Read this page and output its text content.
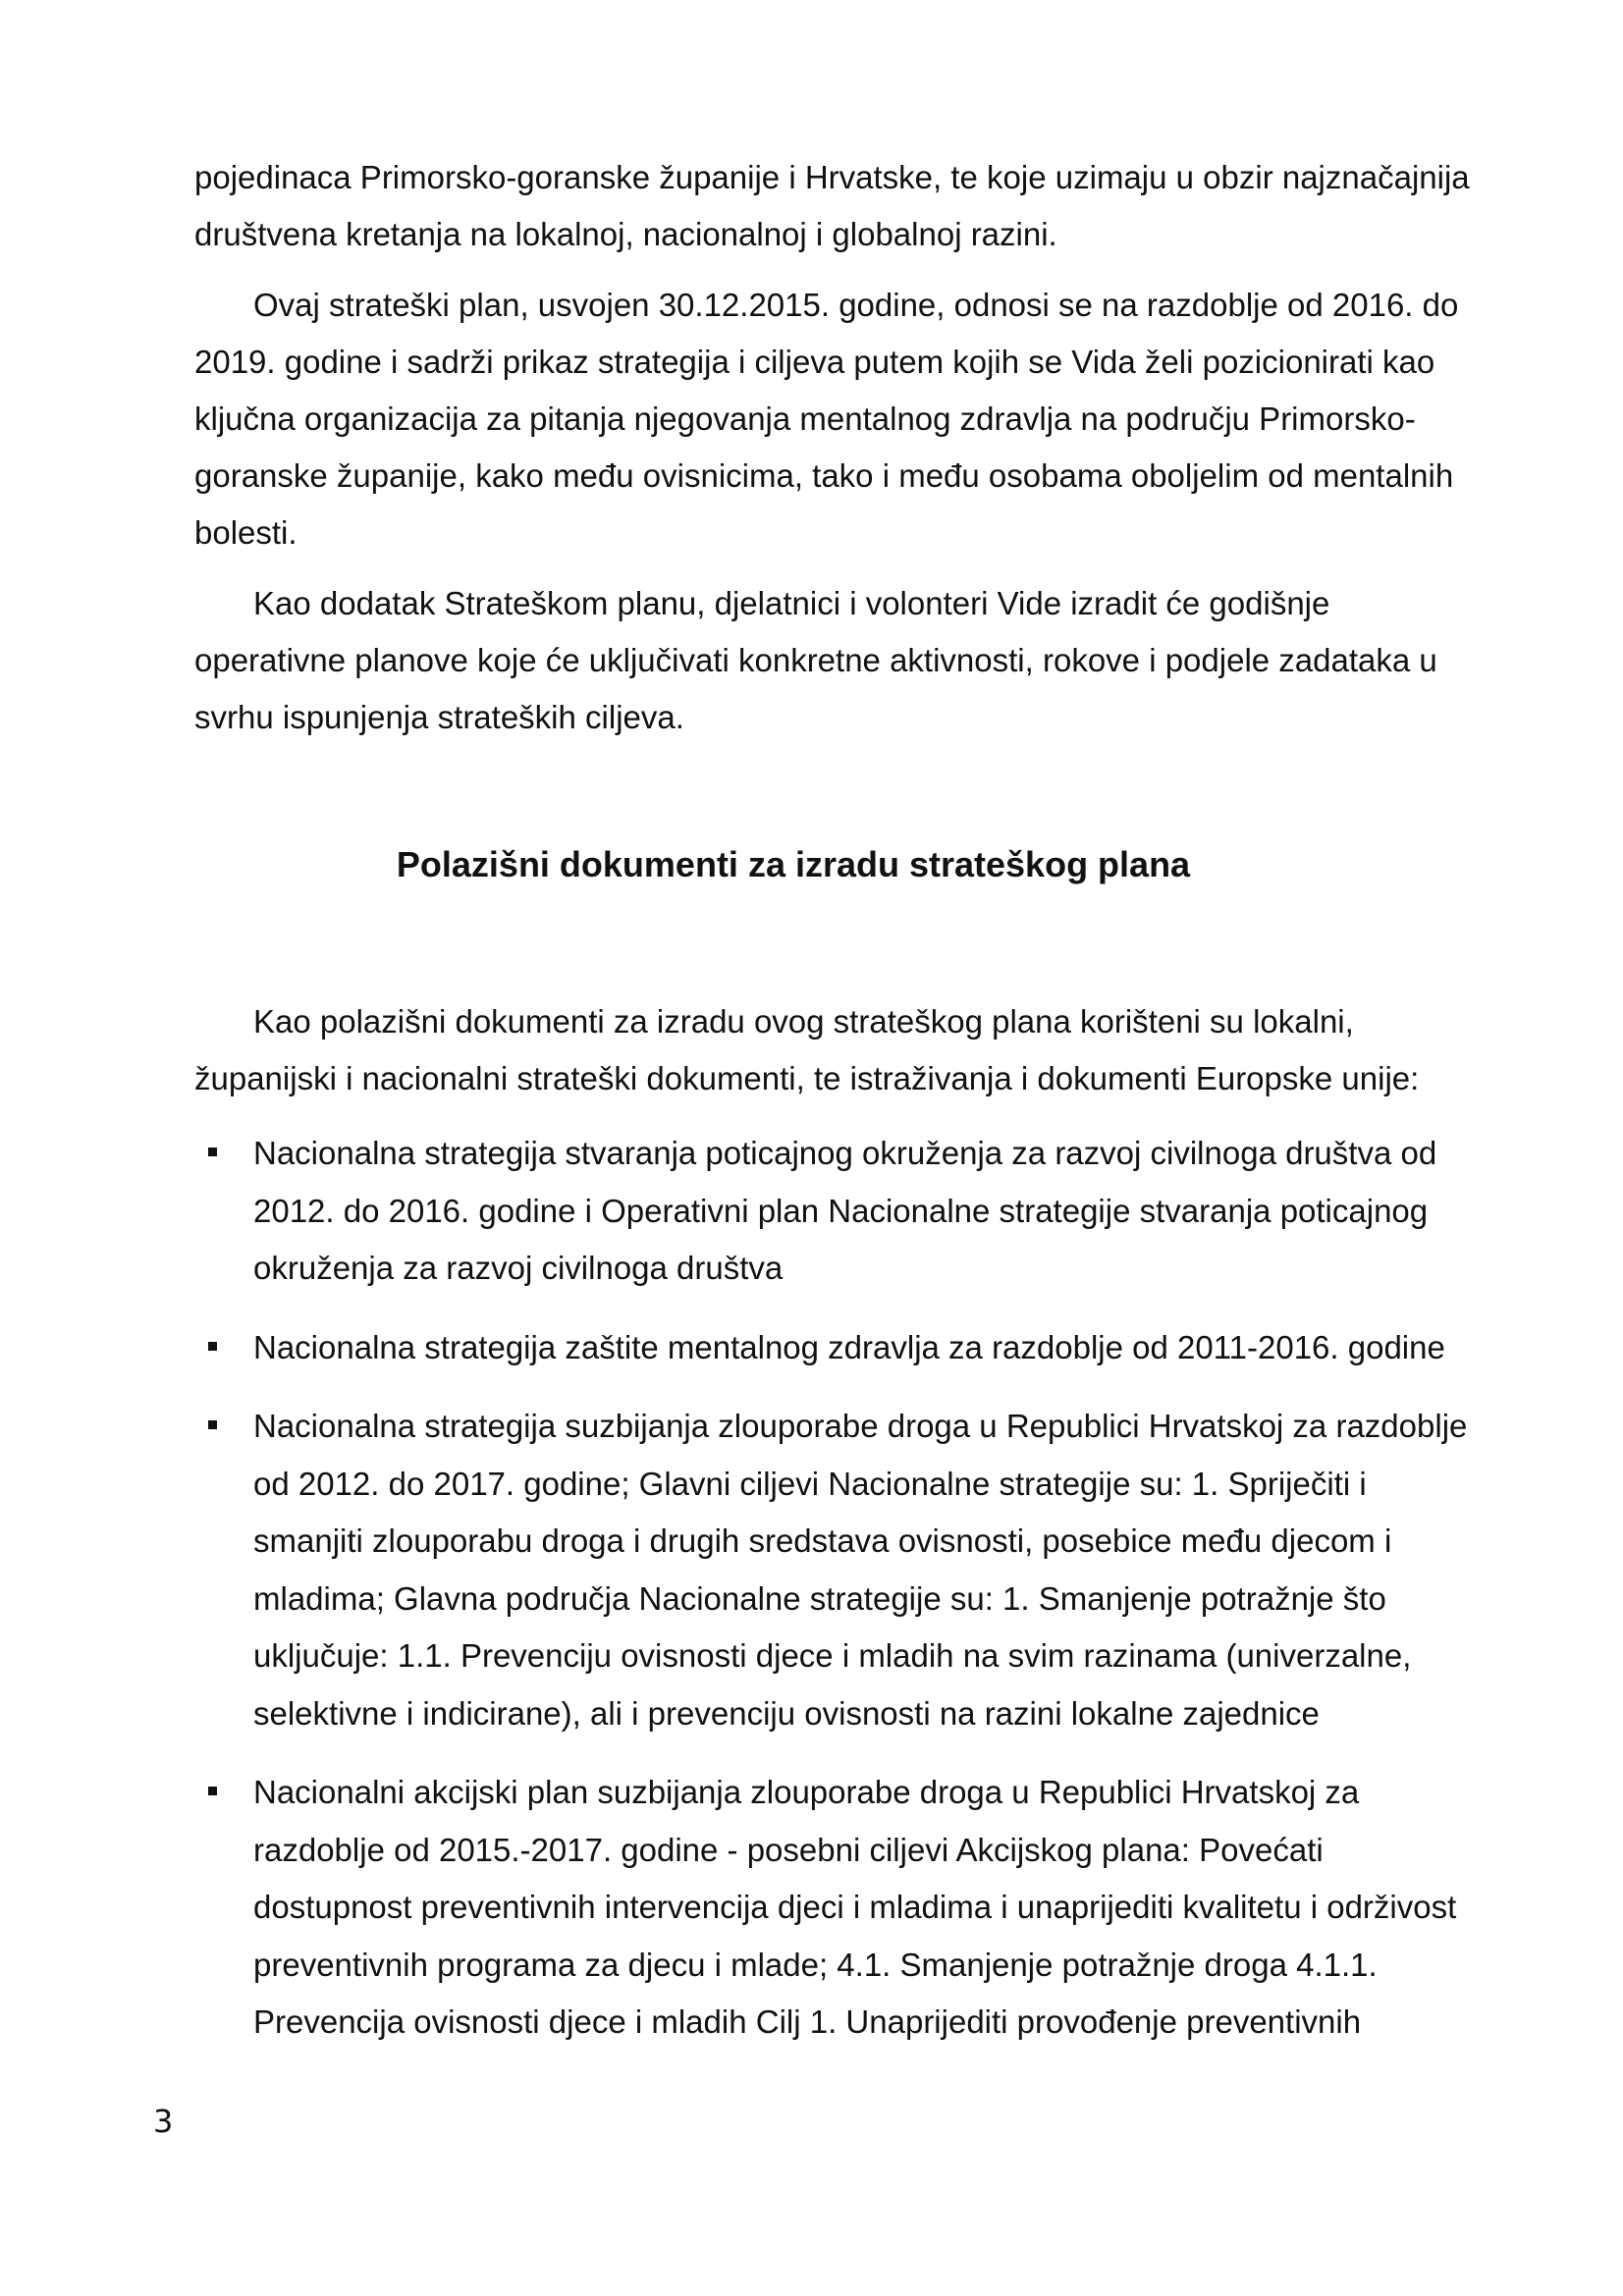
pojedinaca Primorsko-goranske županije i Hrvatske, te koje uzimaju u obzir najznačajnija društvena kretanja na lokalnoj, nacionalnoj i globalnoj razini.

Ovaj strateški plan, usvojen 30.12.2015. godine, odnosi se na razdoblje od 2016. do 2019. godine i sadrži prikaz strategija i ciljeva putem kojih se Vida želi pozicionirati kao ključna organizacija za pitanja njegovanja mentalnog zdravlja na području Primorsko-goranske županije, kako među ovisnicima, tako i među osobama oboljelim od mentalnih bolesti.

Kao dodatak Strateškom planu, djelatnici i volonteri Vide izradit će godišnje operativne planove koje će uključivati konkretne aktivnosti, rokove i podjele zadataka u svrhu ispunjenja strateških ciljeva.

Polazišni dokumenti za izradu strateškog plana

Kao polazišni dokumenti za izradu ovog strateškog plana korišteni su lokalni, županijski i nacionalni strateški dokumenti, te istraživanja i dokumenti Europske unije:

Nacionalna strategija stvaranja poticajnog okruženja za razvoj civilnoga društva od 2012. do 2016. godine i Operativni plan Nacionalne strategije stvaranja poticajnog okruženja za razvoj civilnoga društva
Nacionalna strategija zaštite mentalnog zdravlja za razdoblje od 2011-2016. godine
Nacionalna strategija suzbijanja zlouporabe droga u Republici Hrvatskoj za razdoblje od 2012. do 2017. godine; Glavni ciljevi Nacionalne strategije su: 1. Spriječiti i smanjiti zlouporabu droga i drugih sredstava ovisnosti, posebice među djecom i mladima; Glavna područja Nacionalne strategije su: 1. Smanjenje potražnje što uključuje: 1.1. Prevenciju ovisnosti djece i mladih na svim razinama (univerzalne, selektivne i indicirane), ali i prevenciju ovisnosti na razini lokalne zajednice
Nacionalni akcijski plan suzbijanja zlouporabe droga u Republici Hrvatskoj za razdoblje od 2015.-2017. godine - posebni ciljevi Akcijskog plana: Povećati dostupnost preventivnih intervencija djeci i mladima i unaprijediti kvalitetu i održivost preventivnih programa za djecu i mlade; 4.1. Smanjenje potražnje droga 4.1.1. Prevencija ovisnosti djece i mladih Cilj 1. Unaprijediti provođenje preventivnih
3
